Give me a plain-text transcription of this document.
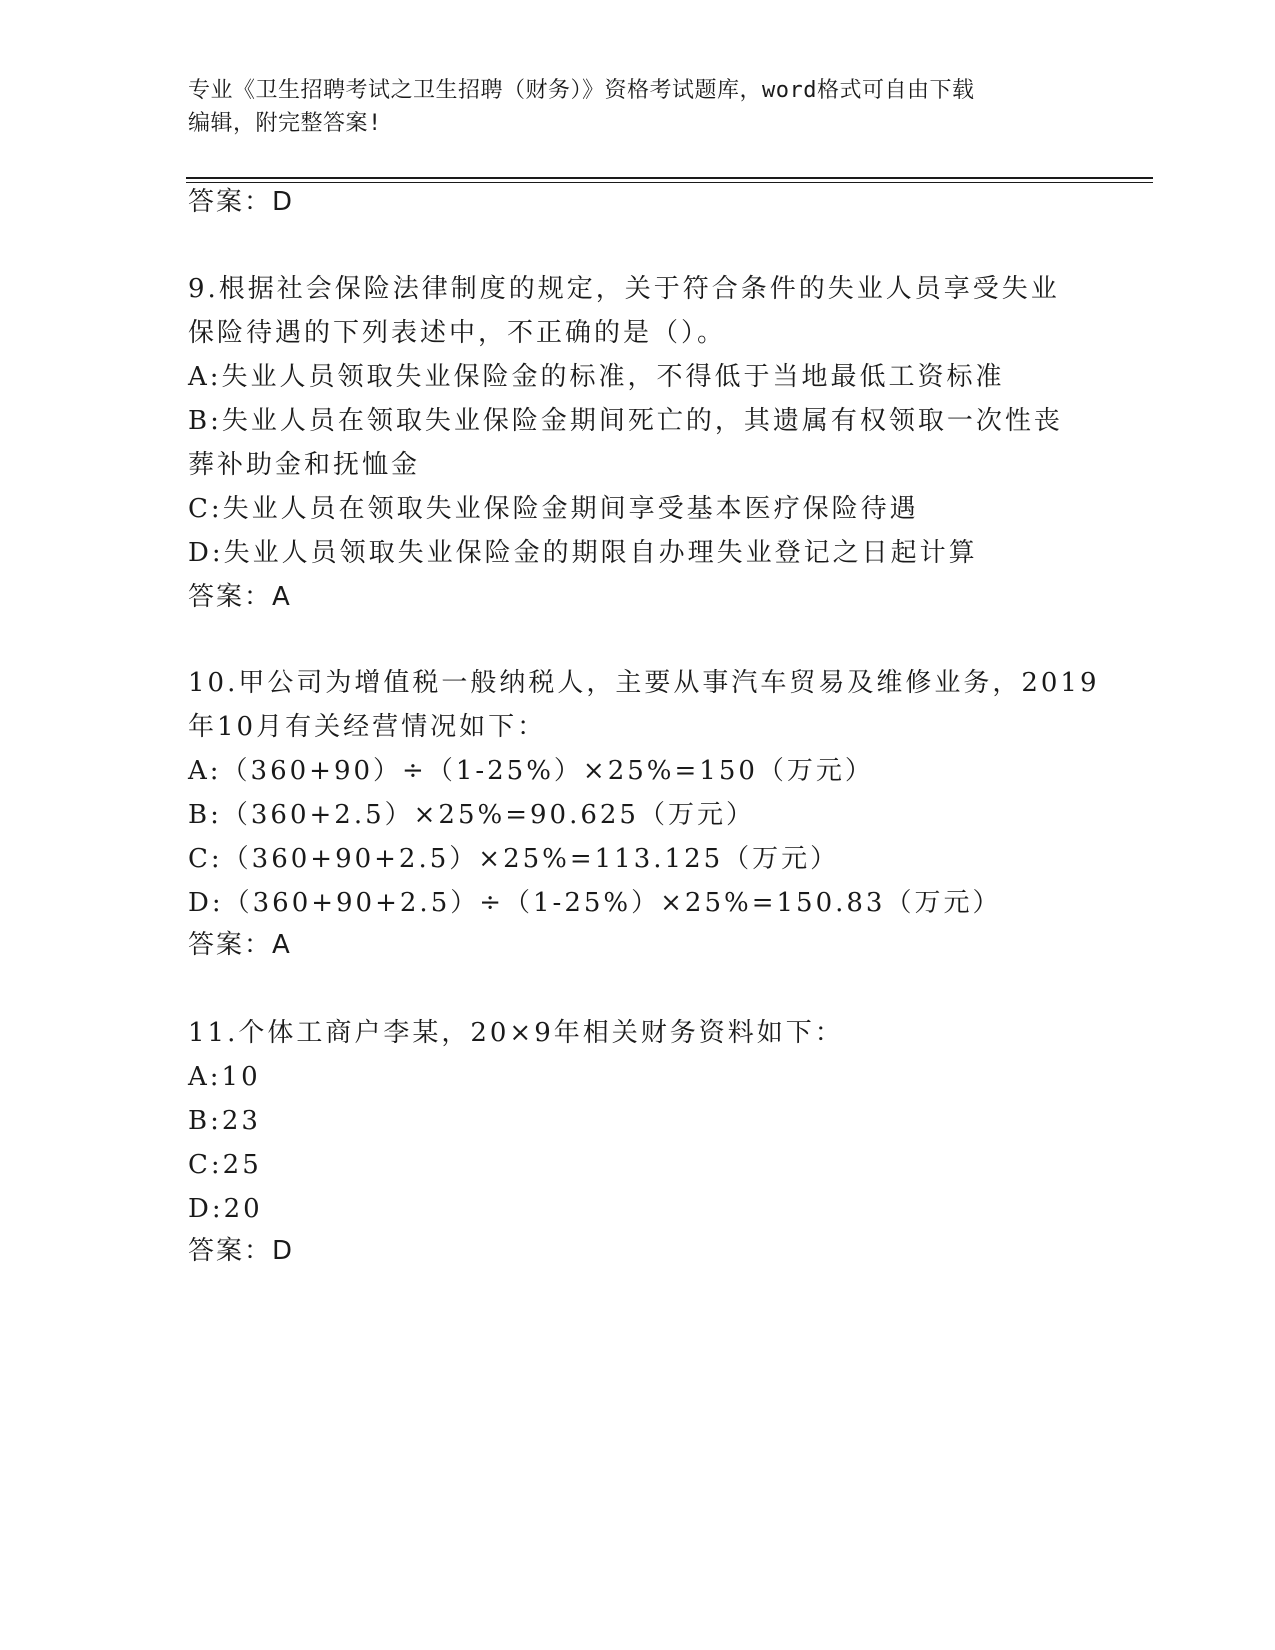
专业《卫生招聘考试之卫生招聘（财务）》资格考试题库，word格式可自由下载
编辑，附完整答案!
答案：D
9.根据社会保险法律制度的规定，关于符合条件的失业人员享受失业
保险待遇的下列表述中，不正确的是（）。
A:失业人员领取失业保险金的标准，不得低于当地最低工资标准
B:失业人员在领取失业保险金期间死亡的，其遗属有权领取一次性丧
葬补助金和抚恤金
C:失业人员在领取失业保险金期间享受基本医疗保险待遇
D:失业人员领取失业保险金的期限自办理失业登记之日起计算
答案：A
10.甲公司为增值税一般纳税人，主要从事汽车贸易及维修业务，2019
年10月有关经营情况如下：
A:（360+90）÷（1-25%）×25%=150（万元）
B:（360+2.5）×25%=90.625（万元）
C:（360+90+2.5）×25%=113.125（万元）
D:（360+90+2.5）÷（1-25%）×25%=150.83（万元）
答案：A
11.个体工商户李某，20×9年相关财务资料如下：
A:10
B:23
C:25
D:20
答案：D
